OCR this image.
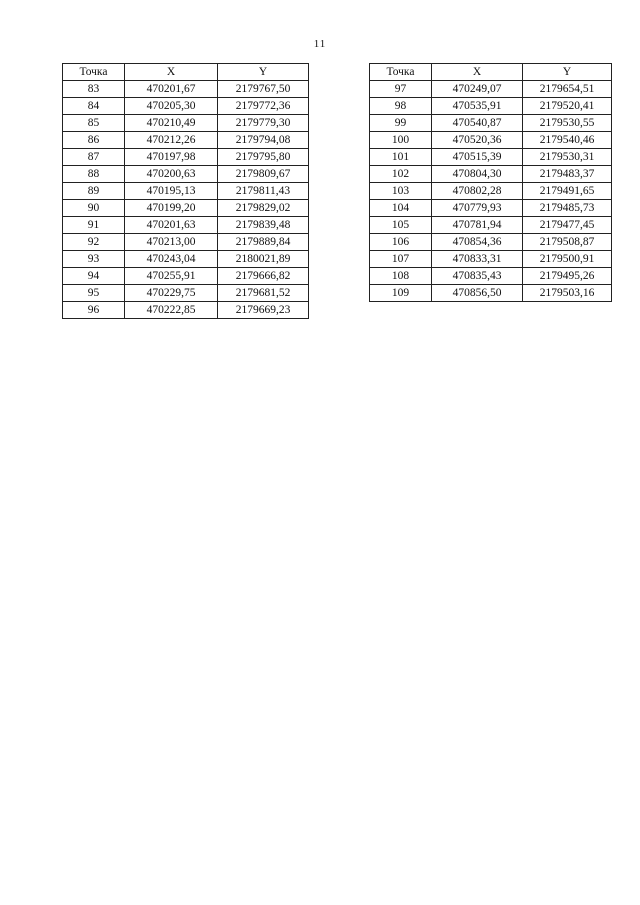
11
Точка	X	Y
83	470201,67	2179767,50
84	470205,30	2179772,36
85	470210,49	2179779,30
86	470212,26	2179794,08
87	470197,98	2179795,80
88	470200,63	2179809,67
89	470195,13	2179811,43
90	470199,20	2179829,02
91	470201,63	2179839,48
92	470213,00	2179889,84
93	470243,04	2180021,89
94	470255,91	2179666,82
95	470229,75	2179681,52
96	470222,85	2179669,23
Точка	X	Y
97	470249,07	2179654,51
98	470535,91	2179520,41
99	470540,87	2179530,55
100	470520,36	2179540,46
101	470515,39	2179530,31
102	470804,30	2179483,37
103	470802,28	2179491,65
104	470779,93	2179485,73
105	470781,94	2179477,45
106	470854,36	2179508,87
107	470833,31	2179500,91
108	470835,43	2179495,26
109	470856,50	2179503,16
